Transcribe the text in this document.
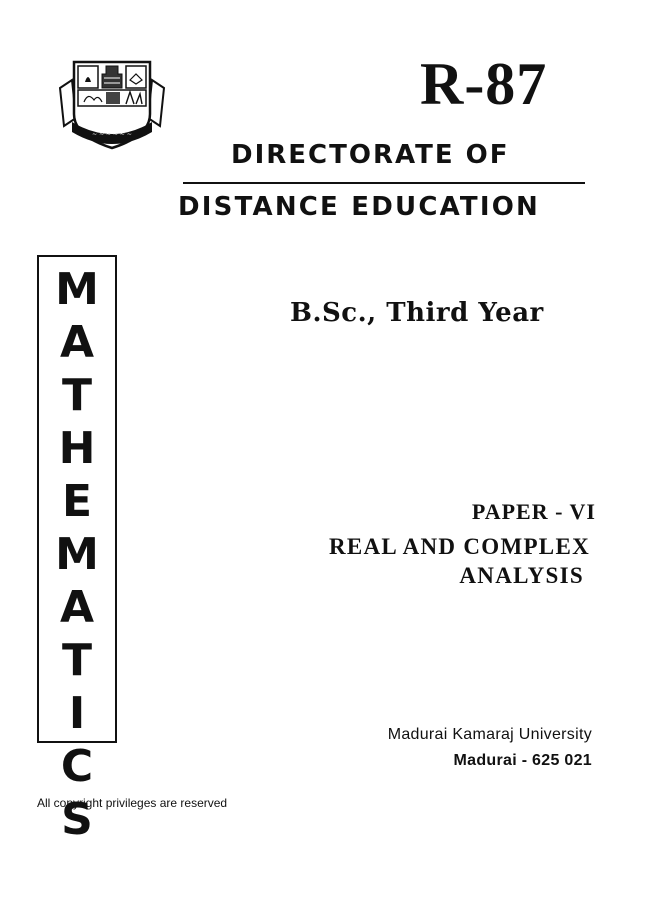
~ ~ ~ ~ ~ ~
R-87
DIRECTORATE OF
DISTANCE EDUCATION
M
A
T
H
E
M
A
T
I
C
S
B.Sc., Third Year
PAPER - VI
REAL AND COMPLEX
ANALYSIS
Madurai Kamaraj University
Madurai - 625 021
All copyright privileges are reserved
